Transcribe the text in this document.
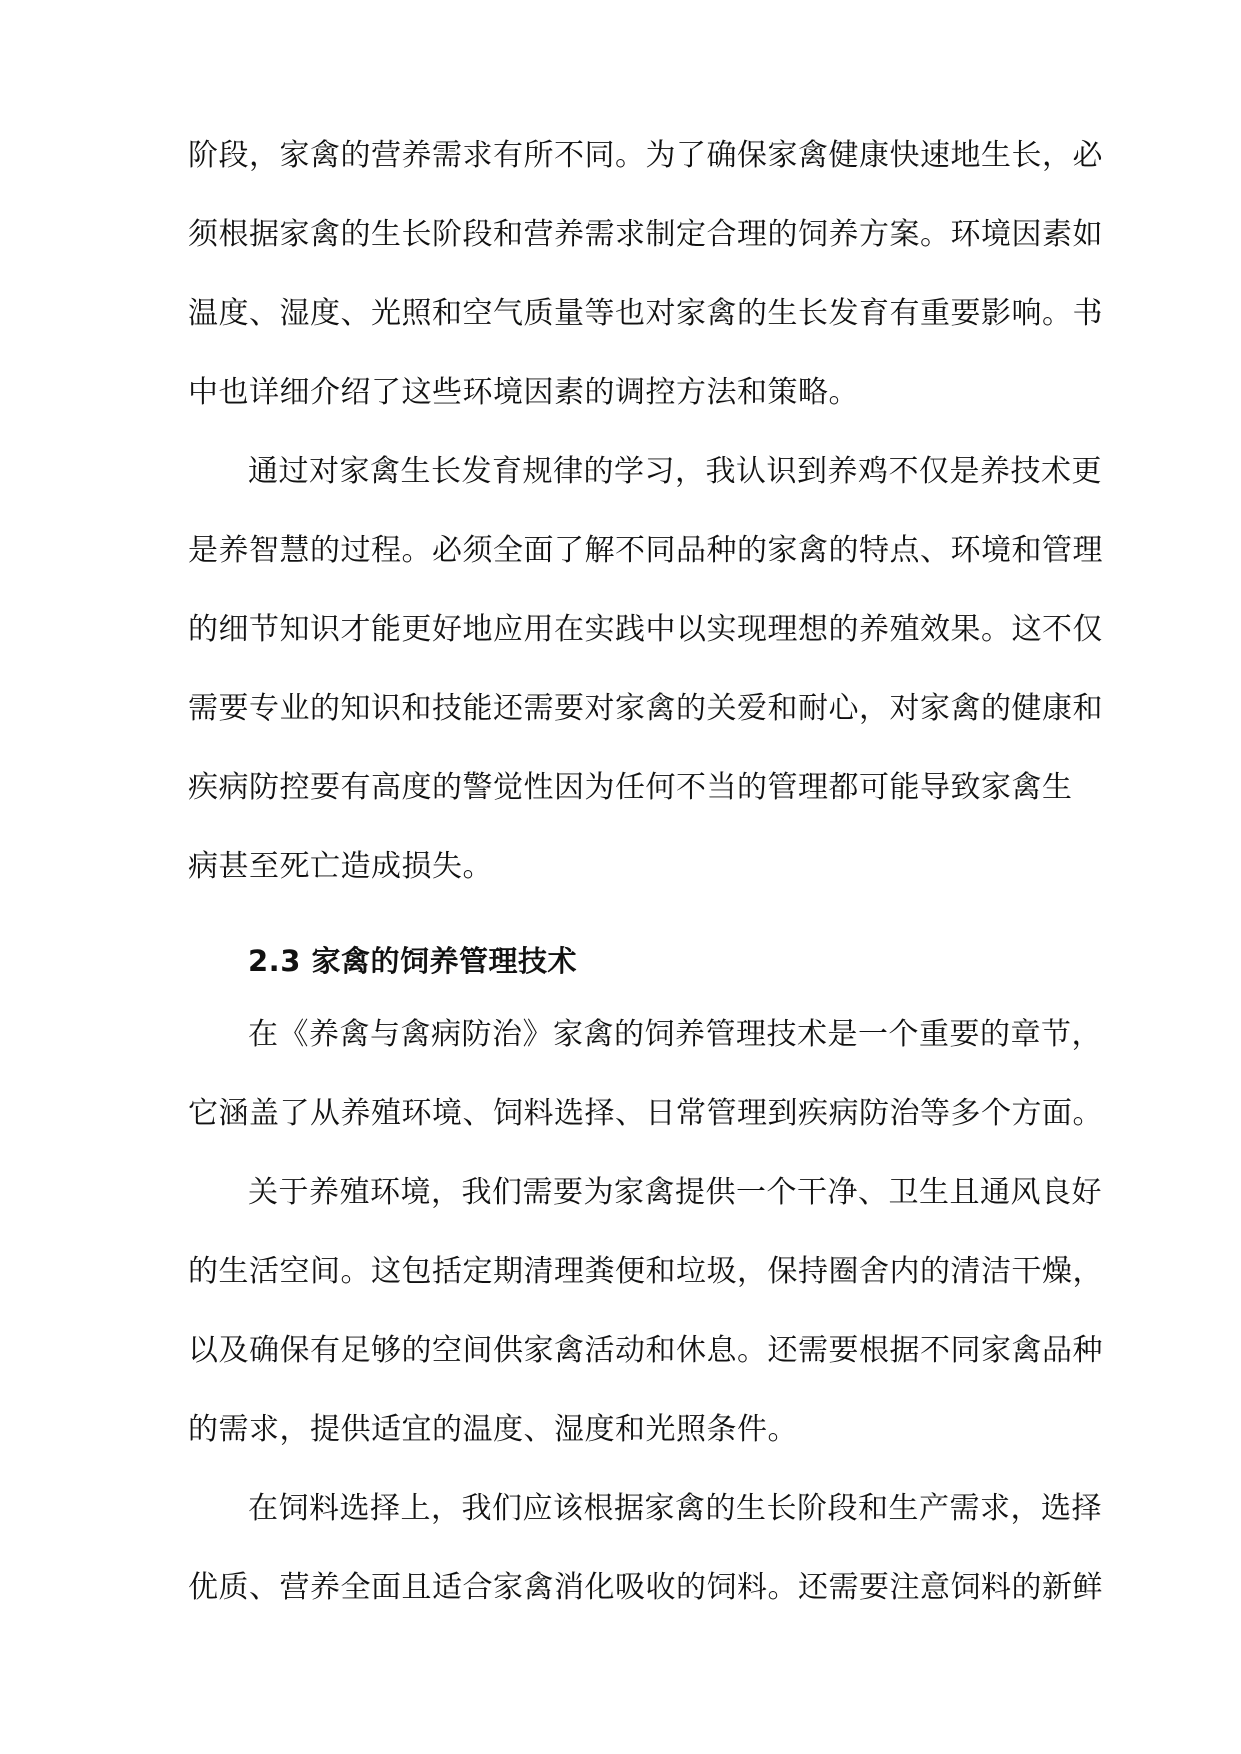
阶段，家禽的营养需求有所不同。为了确保家禽健康快速地生长，必
须根据家禽的生长阶段和营养需求制定合理的饲养方案。环境因素如
温度、湿度、光照和空气质量等也对家禽的生长发育有重要影响。书
中也详细介绍了这些环境因素的调控方法和策略。
通过对家禽生长发育规律的学习，我认识到养鸡不仅是养技术更
是养智慧的过程。必须全面了解不同品种的家禽的特点、环境和管理
的细节知识才能更好地应用在实践中以实现理想的养殖效果。这不仅
需要专业的知识和技能还需要对家禽的关爱和耐心，对家禽的健康和
疾病防控要有高度的警觉性因为任何不当的管理都可能导致家禽生
病甚至死亡造成损失。
2.3 家禽的饲养管理技术
在《养禽与禽病防治》家禽的饲养管理技术是一个重要的章节，
它涵盖了从养殖环境、饲料选择、日常管理到疾病防治等多个方面。
关于养殖环境，我们需要为家禽提供一个干净、卫生且通风良好
的生活空间。这包括定期清理粪便和垃圾，保持圈舍内的清洁干燥，
以及确保有足够的空间供家禽活动和休息。还需要根据不同家禽品种
的需求，提供适宜的温度、湿度和光照条件。
在饲料选择上，我们应该根据家禽的生长阶段和生产需求，选择
优质、营养全面且适合家禽消化吸收的饲料。还需要注意饲料的新鲜
